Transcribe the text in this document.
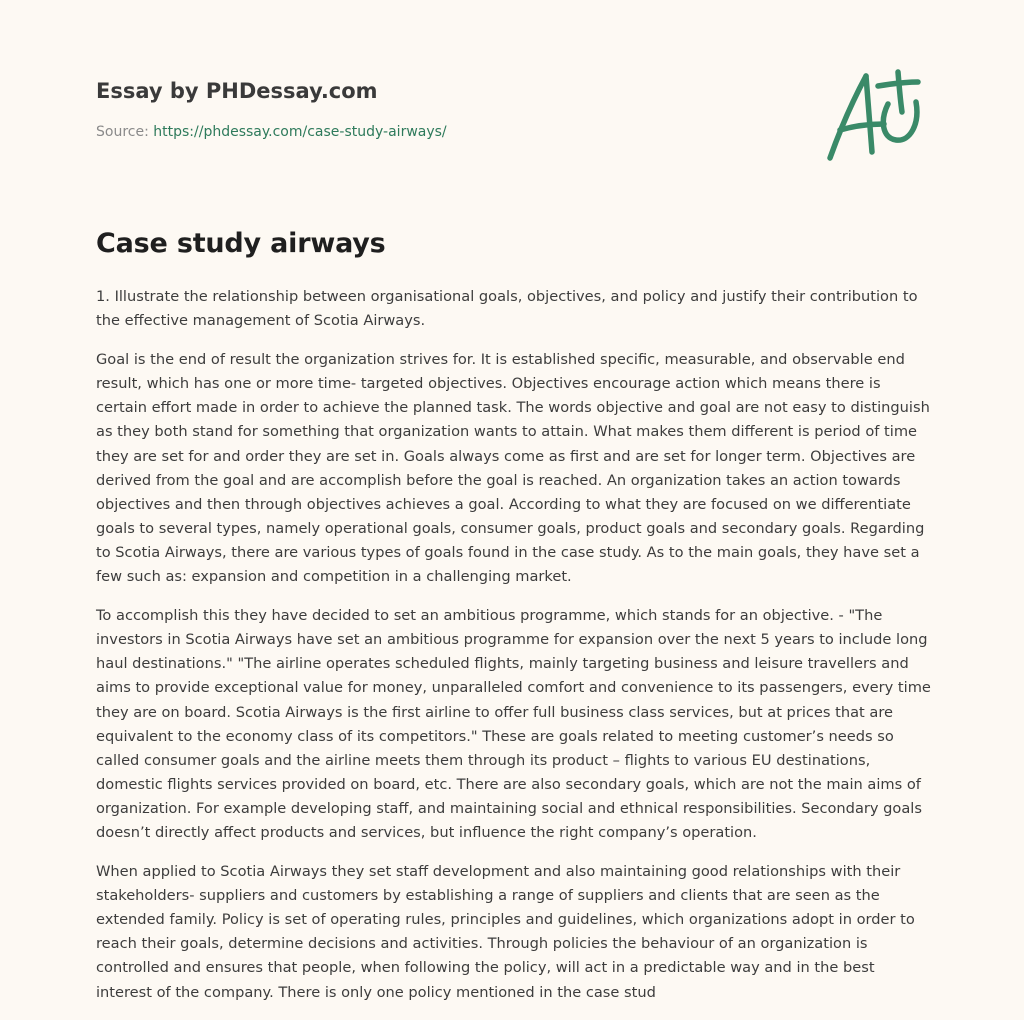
Essay by PHDessay.com
Source: https://phdessay.com/case-study-airways/
Case study airways

1. Illustrate the relationship between organisational goals, objectives, and policy and justify their contribution to the effective management of Scotia Airways.

Goal is the end of result the organization strives for. It is established specific, measurable, and observable end result, which has one or more time- targeted objectives. Objectives encourage action which means there is certain effort made in order to achieve the planned task. The words objective and goal are not easy to distinguish as they both stand for something that organization wants to attain. What makes them different is period of time they are set for and order they are set in. Goals always come as first and are set for longer term. Objectives are derived from the goal and are accomplish before the goal is reached. An organization takes an action towards objectives and then through objectives achieves a goal. According to what they are focused on we differentiate goals to several types, namely operational goals, consumer goals, product goals and secondary goals. Regarding to Scotia Airways, there are various types of goals found in the case study. As to the main goals, they have set a few such as: expansion and competition in a challenging market.

To accomplish this they have decided to set an ambitious programme, which stands for an objective. - "The investors in Scotia Airways have set an ambitious programme for expansion over the next 5 years to include long haul destinations." "The airline operates scheduled flights, mainly targeting business and leisure travellers and aims to provide exceptional value for money, unparalleled comfort and convenience to its passengers, every time they are on board. Scotia Airways is the first airline to offer full business class services, but at prices that are equivalent to the economy class of its competitors." These are goals related to meeting customer’s needs so called consumer goals and the airline meets them through its product – flights to various EU destinations, domestic flights services provided on board, etc. There are also secondary goals, which are not the main aims of organization. For example developing staff, and maintaining social and ethnical responsibilities. Secondary goals doesn’t directly affect products and services, but influence the right company’s operation.

When applied to Scotia Airways they set staff development and also maintaining good relationships with their stakeholders- suppliers and customers by establishing a range of suppliers and clients that are seen as the extended family. Policy is set of operating rules, principles and guidelines, which organizations adopt in order to reach their goals, determine decisions and activities. Through policies the behaviour of an organization is controlled and ensures that people, when following the policy, will act in a predictable way and in the best interest of the company. There is only one policy mentioned in the case stud
